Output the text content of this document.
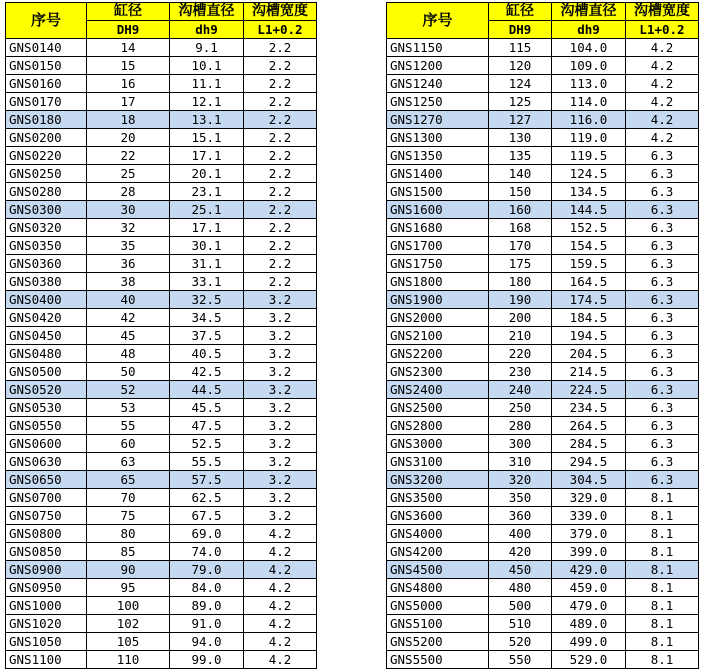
序号	缸径	沟槽直径	沟槽宽度
	DH9	dh9	L1+0.2
GNS0140	14	9.1	2.2
GNS0150	15	10.1	2.2
GNS0160	16	11.1	2.2
GNS0170	17	12.1	2.2
GNS0180	18	13.1	2.2
GNS0200	20	15.1	2.2
GNS0220	22	17.1	2.2
GNS0250	25	20.1	2.2
GNS0280	28	23.1	2.2
GNS0300	30	25.1	2.2
GNS0320	32	17.1	2.2
GNS0350	35	30.1	2.2
GNS0360	36	31.1	2.2
GNS0380	38	33.1	2.2
GNS0400	40	32.5	3.2
GNS0420	42	34.5	3.2
GNS0450	45	37.5	3.2
GNS0480	48	40.5	3.2
GNS0500	50	42.5	3.2
GNS0520	52	44.5	3.2
GNS0530	53	45.5	3.2
GNS0550	55	47.5	3.2
GNS0600	60	52.5	3.2
GNS0630	63	55.5	3.2
GNS0650	65	57.5	3.2
GNS0700	70	62.5	3.2
GNS0750	75	67.5	3.2
GNS0800	80	69.0	4.2
GNS0850	85	74.0	4.2
GNS0900	90	79.0	4.2
GNS0950	95	84.0	4.2
GNS1000	100	89.0	4.2
GNS1020	102	91.0	4.2
GNS1050	105	94.0	4.2
GNS1100	110	99.0	4.2
序号	缸径	沟槽直径	沟槽宽度
	DH9	dh9	L1+0.2
GNS1150	115	104.0	4.2
GNS1200	120	109.0	4.2
GNS1240	124	113.0	4.2
GNS1250	125	114.0	4.2
GNS1270	127	116.0	4.2
GNS1300	130	119.0	4.2
GNS1350	135	119.5	6.3
GNS1400	140	124.5	6.3
GNS1500	150	134.5	6.3
GNS1600	160	144.5	6.3
GNS1680	168	152.5	6.3
GNS1700	170	154.5	6.3
GNS1750	175	159.5	6.3
GNS1800	180	164.5	6.3
GNS1900	190	174.5	6.3
GNS2000	200	184.5	6.3
GNS2100	210	194.5	6.3
GNS2200	220	204.5	6.3
GNS2300	230	214.5	6.3
GNS2400	240	224.5	6.3
GNS2500	250	234.5	6.3
GNS2800	280	264.5	6.3
GNS3000	300	284.5	6.3
GNS3100	310	294.5	6.3
GNS3200	320	304.5	6.3
GNS3500	350	329.0	8.1
GNS3600	360	339.0	8.1
GNS4000	400	379.0	8.1
GNS4200	420	399.0	8.1
GNS4500	450	429.0	8.1
GNS4800	480	459.0	8.1
GNS5000	500	479.0	8.1
GNS5100	510	489.0	8.1
GNS5200	520	499.0	8.1
GNS5500	550	529.0	8.1
